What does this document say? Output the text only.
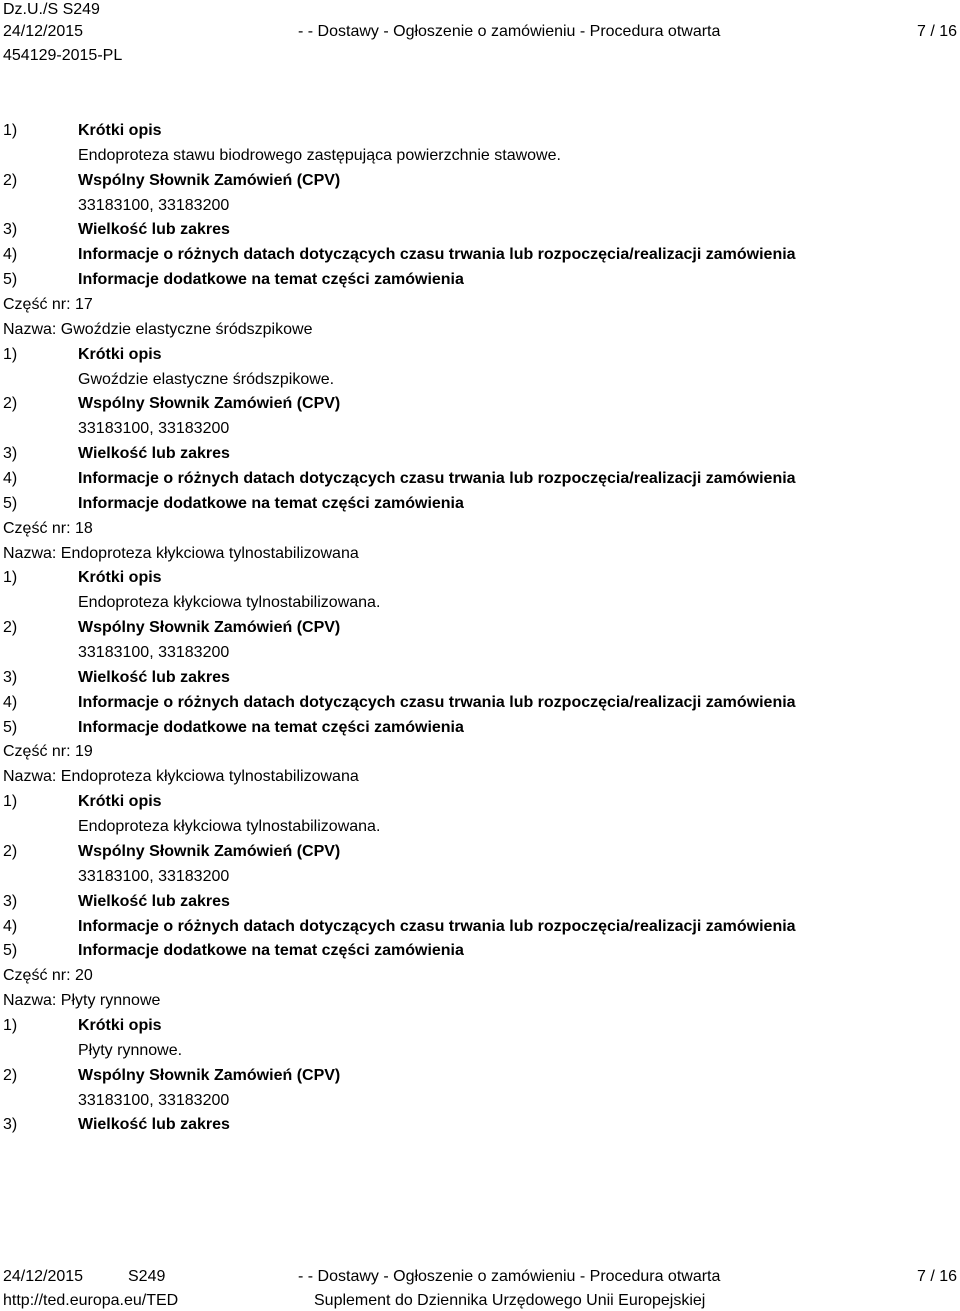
Dz.U./S S249
24/12/2015	- - Dostawy - Ogłoszenie o zamówieniu - Procedura otwarta	7 / 16
454129-2015-PL
1)	Krótki opis
Endoproteza stawu biodrowego zastępująca powierzchnie stawowe.
2)	Wspólny Słownik Zamówień (CPV)
33183100, 33183200
3)	Wielkość lub zakres
4)	Informacje o różnych datach dotyczących czasu trwania lub rozpoczęcia/realizacji zamówienia
5)	Informacje dodatkowe na temat części zamówienia
Część nr: 17
Nazwa: Gwoździe elastyczne śródszpikowe
1)	Krótki opis
Gwoździe elastyczne śródszpikowe.
2)	Wspólny Słownik Zamówień (CPV)
33183100, 33183200
3)	Wielkość lub zakres
4)	Informacje o różnych datach dotyczących czasu trwania lub rozpoczęcia/realizacji zamówienia
5)	Informacje dodatkowe na temat części zamówienia
Część nr: 18
Nazwa: Endoproteza kłykciowa tylnostabilizowana
1)	Krótki opis
Endoproteza kłykciowa tylnostabilizowana.
2)	Wspólny Słownik Zamówień (CPV)
33183100, 33183200
3)	Wielkość lub zakres
4)	Informacje o różnych datach dotyczących czasu trwania lub rozpoczęcia/realizacji zamówienia
5)	Informacje dodatkowe na temat części zamówienia
Część nr: 19
Nazwa: Endoproteza kłykciowa tylnostabilizowana
1)	Krótki opis
Endoproteza kłykciowa tylnostabilizowana.
2)	Wspólny Słownik Zamówień (CPV)
33183100, 33183200
3)	Wielkość lub zakres
4)	Informacje o różnych datach dotyczących czasu trwania lub rozpoczęcia/realizacji zamówienia
5)	Informacje dodatkowe na temat części zamówienia
Część nr: 20
Nazwa: Płyty rynnowe
1)	Krótki opis
Płyty rynnowe.
2)	Wspólny Słownik Zamówień (CPV)
33183100, 33183200
3)	Wielkość lub zakres
24/12/2015	S249	- - Dostawy - Ogłoszenie o zamówieniu - Procedura otwarta	7 / 16
http://ted.europa.eu/TED	Suplement do Dziennika Urzędowego Unii Europejskiej
